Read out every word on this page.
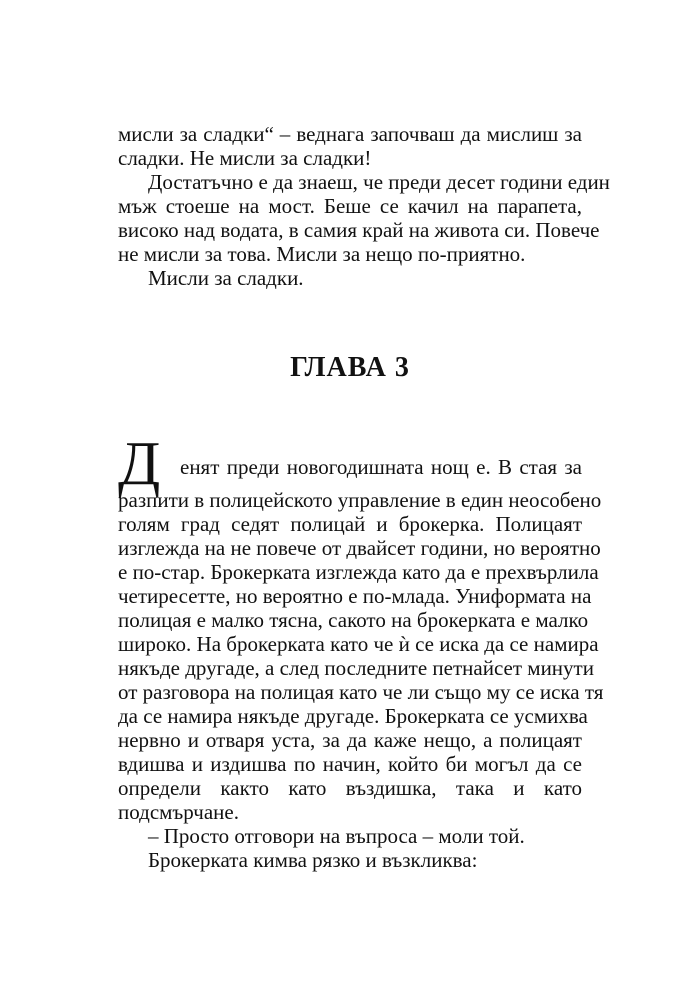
мисли за сладки“ – веднага започваш да мислиш за
сладки. Не мисли за сладки!
Достатъчно е да знаеш, че преди десет години един
мъж стоеше на мост. Беше се качил на парапета,
високо над водата, в самия край на живота си. Повече
не мисли за това. Мисли за нещо по-приятно.
Мисли за сладки.
ГЛАВА 3
Д енят преди новогодишната нощ е. В стая за
разпити в полицейското управление в един неособено
голям град седят полицай и брокерка. Полицаят
изглежда на не повече от двайсет години, но вероятно
е по-стар. Брокерката изглежда като да е прехвърлила
четиресетте, но вероятно е по-млада. Униформата на
полицая е малко тясна, сакото на брокерката е малко
широко. На брокерката като че ѝ се иска да се намира
някъде другаде, а след последните петнайсет минути
от разговора на полицая като че ли също му се иска тя
да се намира някъде другаде. Брокерката се усмихва
нервно и отваря уста, за да каже нещо, а полицаят
вдишва и издишва по начин, който би могъл да се
определи както като въздишка, така и като
подсмърчане.
– Просто отговори на въпроса – моли той.
Брокерката кимва рязко и възкликва:
